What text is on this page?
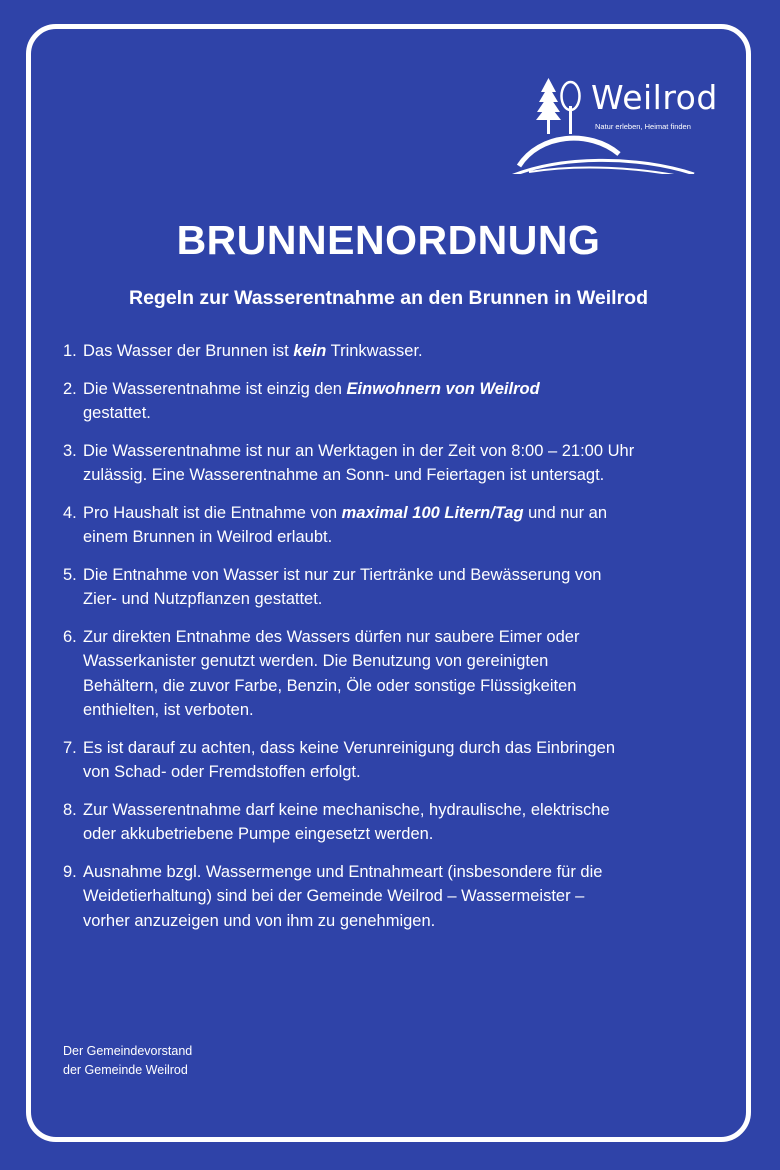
Weilrod
Natur erleben, Heimat finden
BRUNNENORDNUNG
Regeln zur Wasserentnahme an den Brunnen in Weilrod
1. Das Wasser der Brunnen ist kein Trinkwasser.
2. Die Wasserentnahme ist einzig den Einwohnern von Weilrod
gestattet.
3. Die Wasserentnahme ist nur an Werktagen in der Zeit von 8:00 – 21:00 Uhr
zulässig. Eine Wasserentnahme an Sonn- und Feiertagen ist untersagt.
4. Pro Haushalt ist die Entnahme von maximal 100 Litern/Tag und nur an
einem Brunnen in Weilrod erlaubt.
5. Die Entnahme von Wasser ist nur zur Tiertränke und Bewässerung von
Zier- und Nutzpflanzen gestattet.
6. Zur direkten Entnahme des Wassers dürfen nur saubere Eimer oder
Wasserkanister genutzt werden. Die Benutzung von gereinigten
Behältern, die zuvor Farbe, Benzin, Öle oder sonstige Flüssigkeiten
enthielten, ist verboten.
7. Es ist darauf zu achten, dass keine Verunreinigung durch das Einbringen
von Schad- oder Fremdstoffen erfolgt.
8. Zur Wasserentnahme darf keine mechanische, hydraulische, elektrische
oder akkubetriebene Pumpe eingesetzt werden.
9. Ausnahme bzgl. Wassermenge und Entnahmeart (insbesondere für die
Weidetierhaltung) sind bei der Gemeinde Weilrod – Wassermeister –
vorher anzuzeigen und von ihm zu genehmigen.
Der Gemeindevorstand
der Gemeinde Weilrod
